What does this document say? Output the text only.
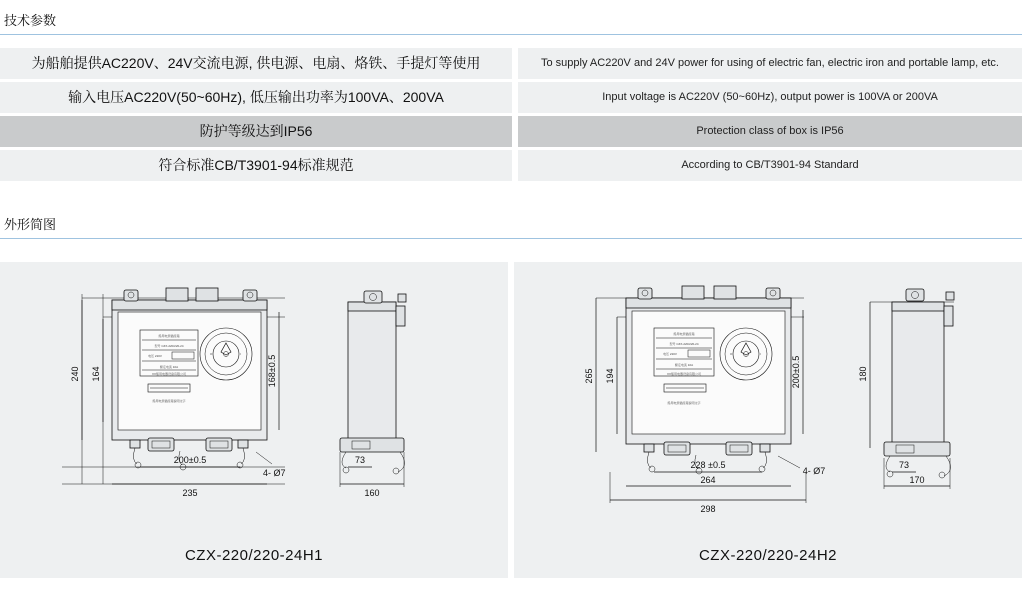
技术参数
为船舶提供AC220V、24V交流电源, 供电源、电扇、烙铁、手提灯等使用	To supply AC220V and 24V power for using of electric fan, electric iron and portable lamp, etc.
输入电压AC220V(50~60Hz), 低压输出功率为100VA、200VA	Input voltage is AC220V (50~60Hz), output power is 100VA or 200VA
防护等级达到IP56	Protection class of box is IP56
符合标准CB/T3901-94标准规范	According to CB/T3901-94 Standard
外形简图
240 164
船用电源插座箱
型号 CZX-220/220-24
电压 220V
额定电流 10A
XX船用电器设备有限公司
船用电源插座箱说明文字
O	I
4- Ø7
200±0.5
235
168±0.5
73
160
CZX-220/220-24H1
265 194
船用电源插座箱
型号 CZX-220/220-24
电压 220V
额定电流 10A
XX船用电器设备有限公司
船用电源插座箱说明文字
O	I
4- Ø7
228 ±0.5
264
298
200±0.5	180
73
170
CZX-220/220-24H2
